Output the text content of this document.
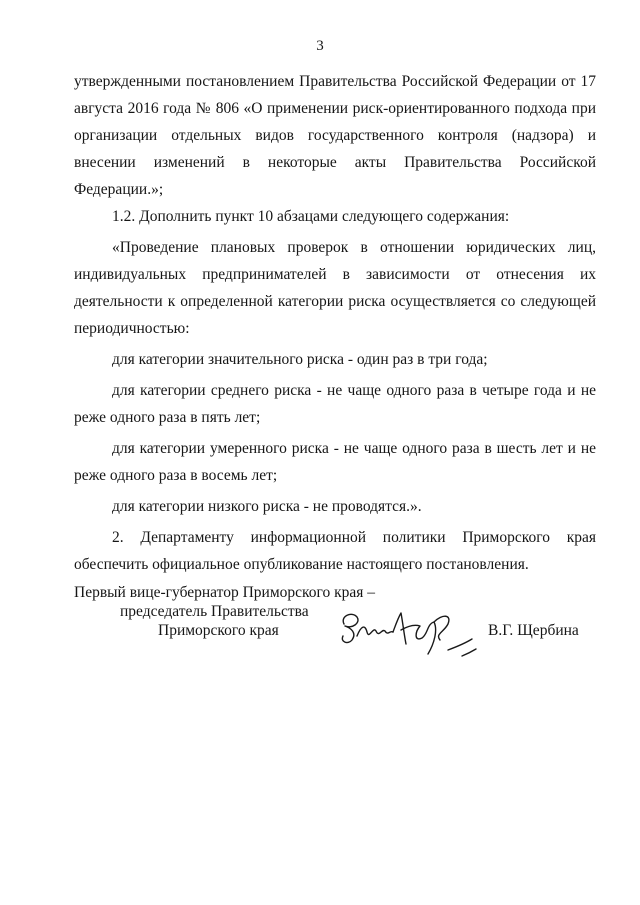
3

утвержденными постановлением Правительства Российской Федерации от 17 августа 2016 года № 806 «О применении риск-ориентированного подхода при организации отдельных видов государственного контроля (надзора) и внесении изменений в некоторые акты Правительства Российской Федерации.»;

1.2. Дополнить пункт 10 абзацами следующего содержания:

«Проведение плановых проверок в отношении юридических лиц, индивидуальных предпринимателей в зависимости от отнесения их деятельности к определенной категории риска осуществляется со следующей периодичностью:

для категории значительного риска - один раз в три года;

для категории среднего риска - не чаще одного раза в четыре года и не реже одного раза в пять лет;

для категории умеренного риска - не чаще одного раза в шесть лет и не реже одного раза в восемь лет;

для категории низкого риска - не проводятся.».

2. Департаменту информационной политики Приморского края обеспечить официальное опубликование настоящего постановления.

Первый вице-губернатор Приморского края –
председатель Правительства
Приморского края	В.Г. Щербина
